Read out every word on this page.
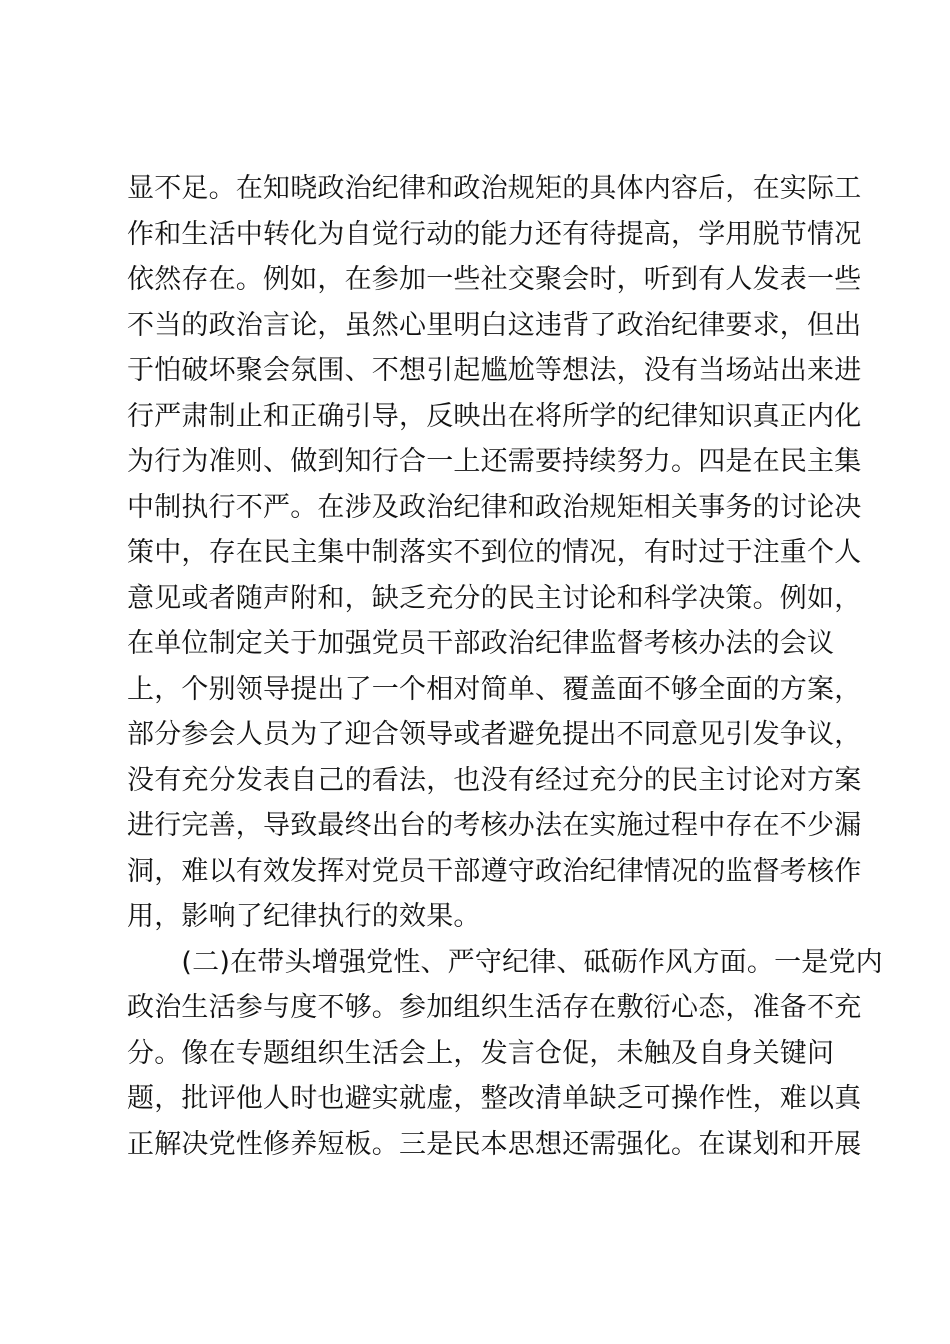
显不足。在知晓政治纪律和政治规矩的具体内容后，在实际工
作和生活中转化为自觉行动的能力还有待提高，学用脱节情况
依然存在。例如，在参加一些社交聚会时，听到有人发表一些
不当的政治言论，虽然心里明白这违背了政治纪律要求，但出
于怕破坏聚会氛围、不想引起尴尬等想法，没有当场站出来进
行严肃制止和正确引导，反映出在将所学的纪律知识真正内化
为行为准则、做到知行合一上还需要持续努力。四是在民主集
中制执行不严。在涉及政治纪律和政治规矩相关事务的讨论决
策中，存在民主集中制落实不到位的情况，有时过于注重个人
意见或者随声附和，缺乏充分的民主讨论和科学决策。例如，
在单位制定关于加强党员干部政治纪律监督考核办法的会议
上，个别领导提出了一个相对简单、覆盖面不够全面的方案，
部分参会人员为了迎合领导或者避免提出不同意见引发争议，
没有充分发表自己的看法，也没有经过充分的民主讨论对方案
进行完善，导致最终出台的考核办法在实施过程中存在不少漏
洞，难以有效发挥对党员干部遵守政治纪律情况的监督考核作
用，影响了纪律执行的效果。
　　(二)在带头增强党性、严守纪律、砥砺作风方面。一是党内
政治生活参与度不够。参加组织生活存在敷衍心态，准备不充
分。像在专题组织生活会上，发言仓促，未触及自身关键问
题，批评他人时也避实就虚，整改清单缺乏可操作性，难以真
正解决党性修养短板。三是民本思想还需强化。在谋划和开展
